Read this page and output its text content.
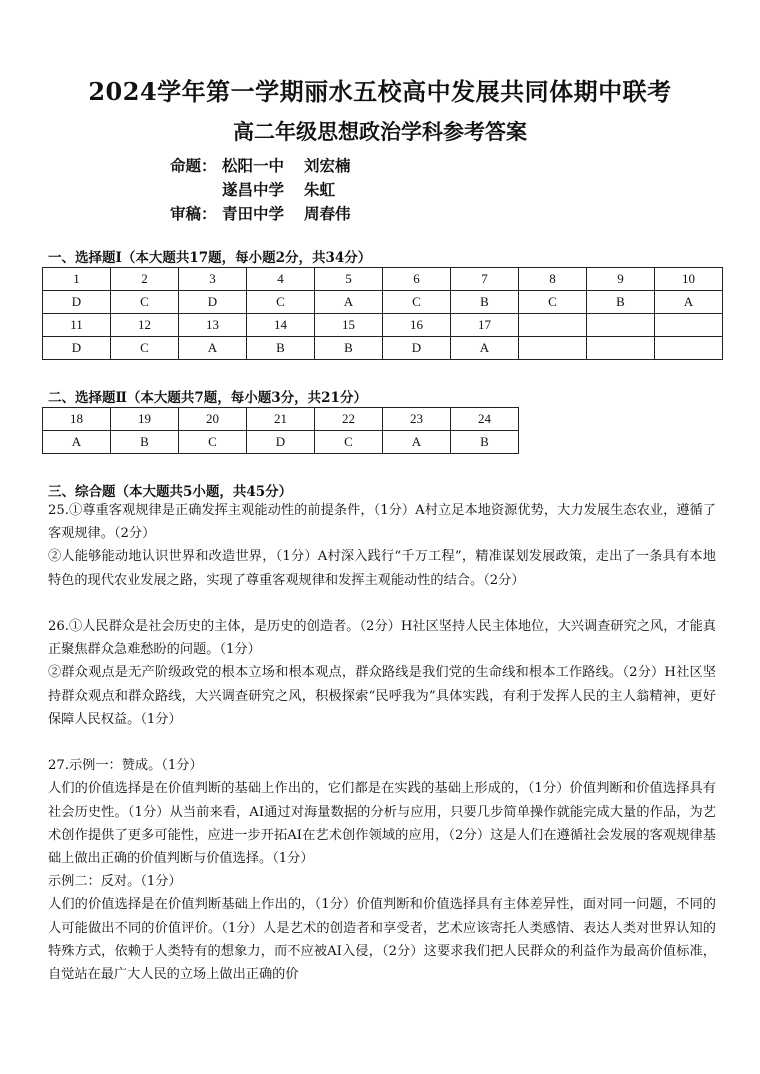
2024学年第一学期丽水五校高中发展共同体期中联考
高二年级思想政治学科参考答案
命题： 松阳一中	刘宏楠
遂昌中学	朱虹
审稿： 青田中学	周春伟
一、选择题Ⅰ（本大题共17题，每小题2分，共34分）
1	2	3	4	5	6	7	8	9	10
D	C	D	C	A	C	B	C	B	A
11	12	13	14	15	16	17			
D	C	A	B	B	D	A			
二、选择题Ⅱ（本大题共7题，每小题3分，共21分）
18	19	20	21	22	23	24
A	B	C	D	C	A	B
三、综合题（本大题共5小题，共45分）

25.①尊重客观规律是正确发挥主观能动性的前提条件，（1分）A村立足本地资源优势，大力发展生态农业，遵循了客观规律。（2分）

②人能够能动地认识世界和改造世界，（1分）A村深入践行“千万工程”，精准谋划发展政策，走出了一条具有本地特色的现代农业发展之路，实现了尊重客观规律和发挥主观能动性的结合。（2分）

26.①人民群众是社会历史的主体，是历史的创造者。（2分）H社区坚持人民主体地位，大兴调查研究之风，才能真正聚焦群众急难愁盼的问题。（1分）

②群众观点是无产阶级政党的根本立场和根本观点，群众路线是我们党的生命线和根本工作路线。（2分）H社区坚持群众观点和群众路线，大兴调查研究之风，积极探索“民呼我为”具体实践，有利于发挥人民的主人翁精神，更好保障人民权益。（1分）

27.示例一：赞成。（1分）

人们的价值选择是在价值判断的基础上作出的，它们都是在实践的基础上形成的，（1分）价值判断和价值选择具有社会历史性。（1分）从当前来看，AI通过对海量数据的分析与应用，只要几步简单操作就能完成大量的作品，为艺术创作提供了更多可能性，应进一步开拓AI在艺术创作领域的应用，（2分）这是人们在遵循社会发展的客观规律基础上做出正确的价值判断与价值选择。（1分）

示例二：反对。（1分）

人们的价值选择是在价值判断基础上作出的，（1分）价值判断和价值选择具有主体差异性，面对同一问题，不同的人可能做出不同的价值评价。（1分）人是艺术的创造者和享受者，艺术应该寄托人类感情、表达人类对世界认知的特殊方式，依赖于人类特有的想象力，而不应被AI入侵，（2分）这要求我们把人民群众的利益作为最高价值标准，自觉站在最广大人民的立场上做出正确的价
